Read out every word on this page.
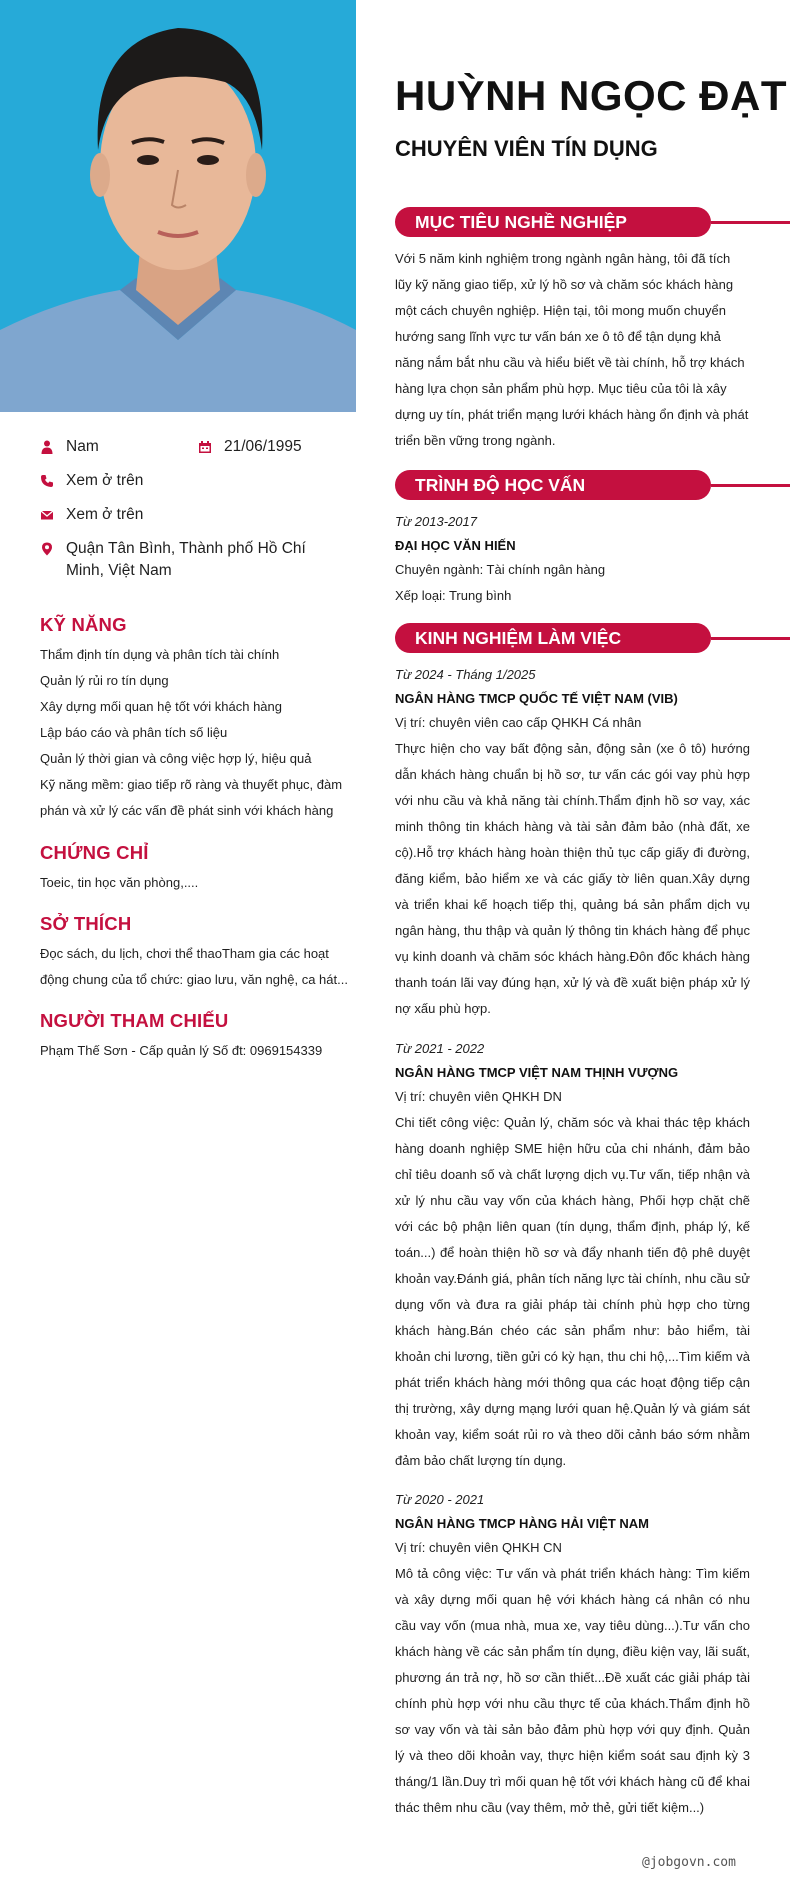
Nam	21/06/1995
Xem ở trên
Xem ở trên
Quận Tân Bình, Thành phố Hồ Chí Minh, Việt Nam
KỸ NĂNG
Thẩm định tín dụng và phân tích tài chính
Quản lý rủi ro tín dụng
Xây dựng mối quan hệ tốt với khách hàng
Lập báo cáo và phân tích số liệu
Quản lý thời gian và công việc hợp lý, hiệu quả
Kỹ năng mềm: giao tiếp rõ ràng và thuyết phục, đàm phán và xử lý các vấn đề phát sinh với khách hàng
CHỨNG CHỈ
Toeic, tin học văn phòng,....
SỞ THÍCH
Đọc sách, du lịch, chơi thể thaoTham gia các hoạt động chung của tổ chức: giao lưu, văn nghệ, ca hát...
NGƯỜI THAM CHIẾU
Phạm Thế Sơn - Cấp quản lý Số đt: 0969154339
HUỲNH NGỌC ĐẠT
CHUYÊN VIÊN TÍN DỤNG
MỤC TIÊU NGHỀ NGHIỆP
Với 5 năm kinh nghiệm trong ngành ngân hàng, tôi đã tích lũy kỹ năng giao tiếp, xử lý hồ sơ và chăm sóc khách hàng một cách chuyên nghiệp. Hiện tại, tôi mong muốn chuyển hướng sang lĩnh vực tư vấn bán xe ô tô để tận dụng khả năng nắm bắt nhu cầu và hiểu biết về tài chính, hỗ trợ khách hàng lựa chọn sản phẩm phù hợp. Mục tiêu của tôi là xây dựng uy tín, phát triển mạng lưới khách hàng ổn định và phát triển bền vững trong ngành.
TRÌNH ĐỘ HỌC VẤN
Từ 2013-2017
ĐẠI HỌC VĂN HIẾN
Chuyên ngành: Tài chính ngân hàng
Xếp loại: Trung bình
KINH NGHIỆM LÀM VIỆC
Từ 2024 - Tháng 1/2025
NGÂN HÀNG TMCP QUỐC TẾ VIỆT NAM (VIB)
Vị trí: chuyên viên cao cấp QHKH Cá nhân
Thực hiện cho vay bất động sản, động sản (xe ô tô) hướng dẫn khách hàng chuẩn bị hồ sơ, tư vấn các gói vay phù hợp với nhu cầu và khả năng tài chính.Thẩm định hồ sơ vay, xác minh thông tin khách hàng và tài sản đảm bảo (nhà đất, xe cộ).Hỗ trợ khách hàng hoàn thiện thủ tục cấp giấy đi đường, đăng kiểm, bảo hiểm xe và các giấy tờ liên quan.Xây dựng và triển khai kế hoạch tiếp thị, quảng bá sản phẩm dịch vụ ngân hàng, thu thập và quản lý thông tin khách hàng để phục vụ kinh doanh và chăm sóc khách hàng.Đôn đốc khách hàng thanh toán lãi vay đúng hạn, xử lý và đề xuất biện pháp xử lý nợ xấu phù hợp.
Từ 2021 - 2022
NGÂN HÀNG TMCP VIỆT NAM THỊNH VƯỢNG
Vị trí: chuyên viên QHKH DN
Chi tiết công việc: Quản lý, chăm sóc và khai thác tệp khách hàng doanh nghiệp SME hiện hữu của chi nhánh, đảm bảo chỉ tiêu doanh số và chất lượng dịch vụ.Tư vấn, tiếp nhận và xử lý nhu cầu vay vốn của khách hàng, Phối hợp chặt chẽ với các bộ phận liên quan (tín dụng, thẩm định, pháp lý, kế toán...) để hoàn thiện hồ sơ và đẩy nhanh tiến độ phê duyệt khoản vay.Đánh giá, phân tích năng lực tài chính, nhu cầu sử dụng vốn và đưa ra giải pháp tài chính phù hợp cho từng khách hàng.Bán chéo các sản phẩm như: bảo hiểm, tài khoản chi lương, tiền gửi có kỳ hạn, thu chi hộ,...Tìm kiếm và phát triển khách hàng mới thông qua các hoạt động tiếp cận thị trường, xây dựng mạng lưới quan hệ.Quản lý và giám sát khoản vay, kiểm soát rủi ro và theo dõi cảnh báo sớm nhằm đảm bảo chất lượng tín dụng.
Từ 2020 - 2021
NGÂN HÀNG TMCP HÀNG HẢI VIỆT NAM
Vị trí: chuyên viên QHKH CN
Mô tả công việc: Tư vấn và phát triển khách hàng: Tìm kiếm và xây dựng mối quan hệ với khách hàng cá nhân có nhu cầu vay vốn (mua nhà, mua xe, vay tiêu dùng...).Tư vấn cho khách hàng về các sản phẩm tín dụng, điều kiện vay, lãi suất, phương án trả nợ, hồ sơ cần thiết...Đề xuất các giải pháp tài chính phù hợp với nhu cầu thực tế của khách.Thẩm định hồ sơ vay vốn và tài sản bảo đảm phù hợp với quy định. Quản lý và theo dõi khoản vay, thực hiện kiểm soát sau định kỳ 3 tháng/1 lần.Duy trì mối quan hệ tốt với khách hàng cũ để khai thác thêm nhu cầu (vay thêm, mở thẻ, gửi tiết kiệm...)
@jobgovn.com
